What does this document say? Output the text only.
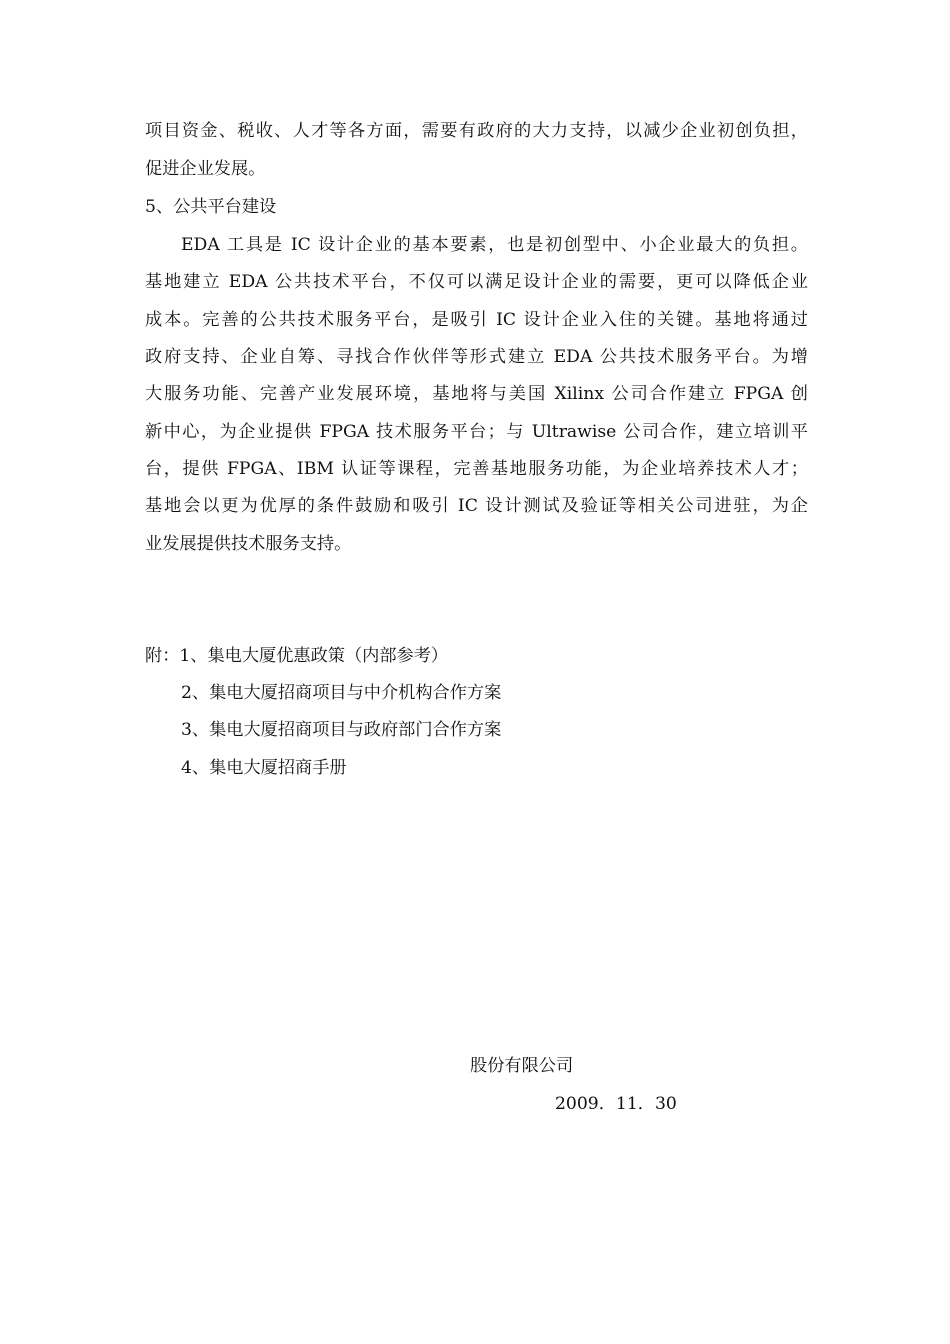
项目资金、税收、人才等各方面，需要有政府的大力支持，以减少企业初创负担，
促进企业发展。
5、公共平台建设
EDA 工具是 IC 设计企业的基本要素，也是初创型中、小企业最大的负担。
基地建立 EDA 公共技术平台，不仅可以满足设计企业的需要，更可以降低企业
成本。完善的公共技术服务平台，是吸引 IC 设计企业入住的关键。基地将通过
政府支持、企业自筹、寻找合作伙伴等形式建立 EDA 公共技术服务平台。为增
大服务功能、完善产业发展环境，基地将与美国 Xilinx 公司合作建立 FPGA 创
新中心，为企业提供 FPGA 技术服务平台；与 Ultrawise 公司合作，建立培训平
台，提供 FPGA、IBM 认证等课程，完善基地服务功能，为企业培养技术人才；
基地会以更为优厚的条件鼓励和吸引 IC 设计测试及验证等相关公司进驻，为企
业发展提供技术服务支持。
附：1、集电大厦优惠政策（内部参考）
2、集电大厦招商项目与中介机构合作方案
3、集电大厦招商项目与政府部门合作方案
4、集电大厦招商手册
股份有限公司
2009．11．30
